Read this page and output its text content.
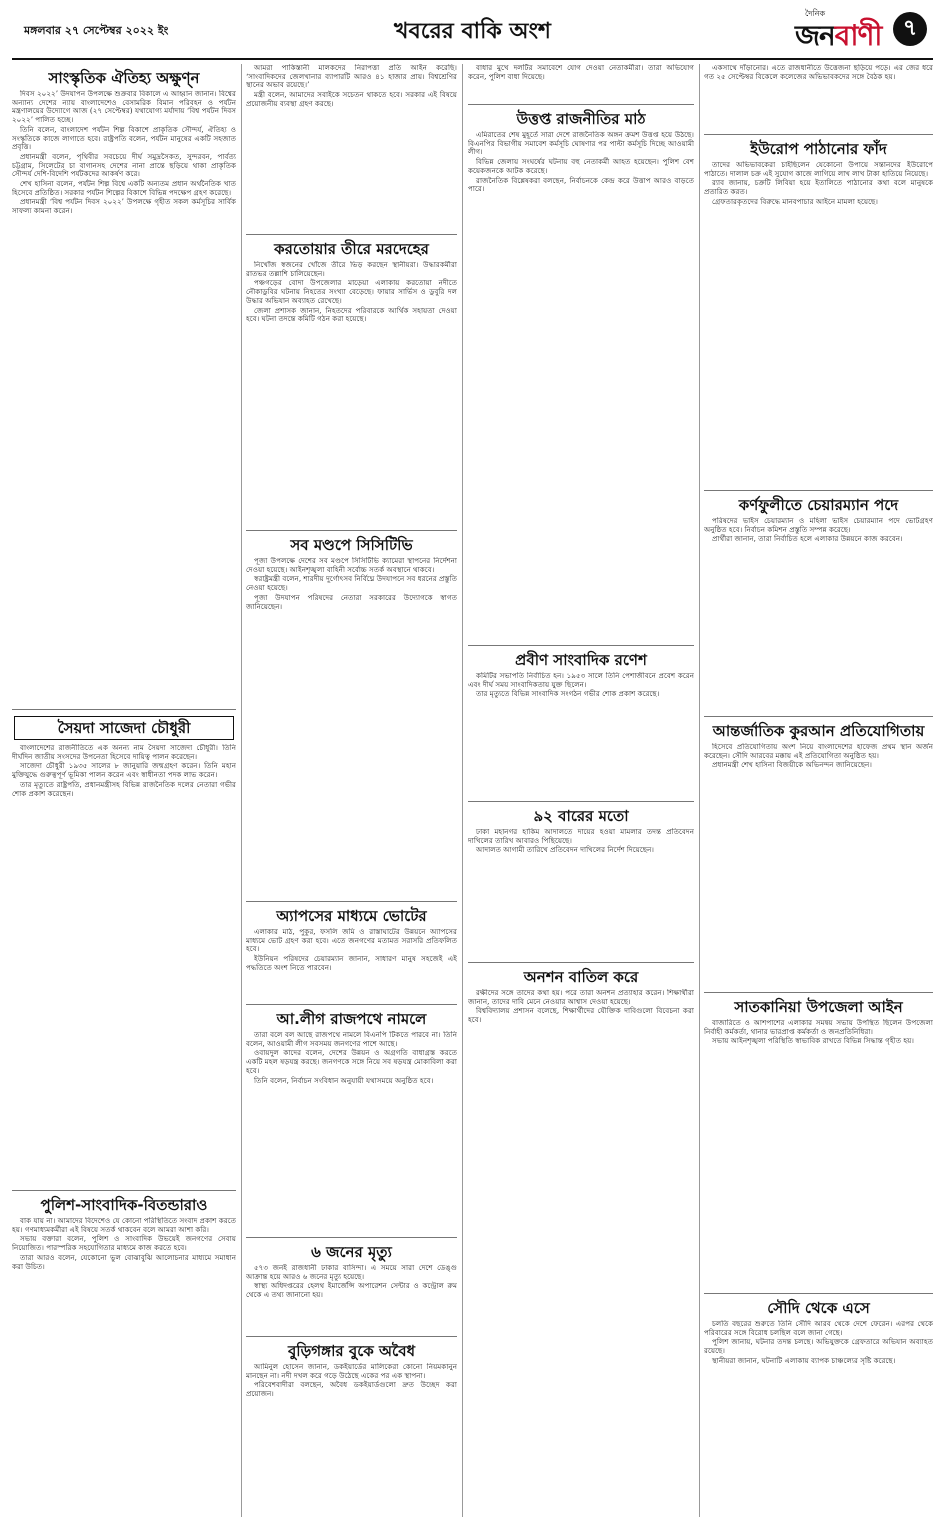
মঙ্গলবার ২৭ সেপ্টেম্বর ২০২২ ইং	খবরের বাকি অংশ
দৈনিক
জনবাণী ৭
সাংস্কৃতিক ঐতিহ্য অক্ষুণ্ন

দিবস ২০২২’ উদযাপন উপলক্ষে শুক্রবার বিকালে এ আহ্বান জানান। বিশ্বের অন্যান্য দেশের ন্যায় বাংলাদেশেও বেসামরিক বিমান পরিবহন ও পর্যটন মন্ত্রণালয়ের উদ্যোগে আজ (২৭ সেপ্টেম্বর) যথাযোগ্য মর্যাদায় ‘বিশ্ব পর্যটন দিবস ২০২২’ পালিত হচ্ছে।

তিনি বলেন, বাংলাদেশ পর্যটন শিল্প বিকাশে প্রাকৃতিক সৌন্দর্য, ঐতিহ্য ও সংস্কৃতিকে কাজে লাগাতে হবে। রাষ্ট্রপতি বলেন, পর্যটন মানুষের একটি সহজাত প্রবৃত্তি।

প্রধানমন্ত্রী বলেন, পৃথিবীর সবচেয়ে দীর্ঘ সমুদ্রসৈকত, সুন্দরবন, পার্বত্য চট্টগ্রাম, সিলেটের চা বাগানসহ দেশের নানা প্রান্তে ছড়িয়ে থাকা প্রাকৃতিক সৌন্দর্য দেশি-বিদেশি পর্যটকদের আকর্ষণ করে।

শেখ হাসিনা বলেন, পর্যটন শিল্প বিশ্বে একটি অন্যতম প্রধান অর্থনৈতিক খাত হিসেবে প্রতিষ্ঠিত। সরকার পর্যটন শিল্পের বিকাশে বিভিন্ন পদক্ষেপ গ্রহণ করেছে।

প্রধানমন্ত্রী ‘বিশ্ব পর্যটন দিবস ২০২২’ উপলক্ষে গৃহীত সকল কর্মসূচির সার্বিক সাফল্য কামনা করেন।

সৈয়দা সাজেদা চৌধুরী

বাংলাদেশের রাজনীতিতে এক অনন্য নাম সৈয়দা সাজেদা চৌধুরী। তিনি দীর্ঘদিন জাতীয় সংসদের উপনেতা হিসেবে দায়িত্ব পালন করেছেন।

সাজেদা চৌধুরী ১৯৩৫ সালের ৮ জানুয়ারি জন্মগ্রহণ করেন। তিনি মহান মুক্তিযুদ্ধে গুরুত্বপূর্ণ ভূমিকা পালন করেন এবং স্বাধীনতা পদক লাভ করেন।

তার মৃত্যুতে রাষ্ট্রপতি, প্রধানমন্ত্রীসহ বিভিন্ন রাজনৈতিক দলের নেতারা গভীর শোক প্রকাশ করেছেন।

পুলিশ-সাংবাদিক-বিতন্ডারাও

বাক যায় না। আমাদের বিদেশেও যে কোনো পরিস্থিতিতে সংবাদ প্রকাশ করতে হয়। গণমাধ্যমকর্মীরা এই বিষয়ে সতর্ক থাকবেন বলে আমরা আশা করি।

সভায় বক্তারা বলেন, পুলিশ ও সাংবাদিক উভয়েই জনগণের সেবায় নিয়োজিত। পারস্পরিক সহযোগিতার মাধ্যমে কাজ করতে হবে।

তারা আরও বলেন, যেকোনো ভুল বোঝাবুঝি আলোচনার মাধ্যমে সমাধান করা উচিত।

আমরা পাকিস্তানী মালকদের নিরাপত্তা প্রতি আইন করেছি। ‘সাংবাদিকদের জেলখানার ব্যাপারটি আরও ৪১ হাজার প্রায়। বিশ্বশ্রেণির স্থানের অভাব রয়েছে।’

মন্ত্রী বলেন, আমাদের সবাইকে সচেতন থাকতে হবে। সরকার এই বিষয়ে প্রয়োজনীয় ব্যবস্থা গ্রহণ করছে।

করতোয়ার তীরে মরদেহের

নিখোঁজ স্বজনের খোঁজে তীরে ভিড় করছেন স্থানীয়রা। উদ্ধারকর্মীরা রাতভর তল্লাশি চালিয়েছেন।

পঞ্চগড়ের বোদা উপজেলার মাড়েয়া এলাকায় করতোয়া নদীতে নৌকাডুবির ঘটনায় নিহতের সংখ্যা বেড়েছে। ফায়ার সার্ভিস ও ডুবুরি দল উদ্ধার অভিযান অব্যাহত রেখেছে।

জেলা প্রশাসক জানান, নিহতদের পরিবারকে আর্থিক সহায়তা দেওয়া হবে। ঘটনা তদন্তে কমিটি গঠন করা হয়েছে।

সব মণ্ডপে সিসিটিভি

পূজা উপলক্ষে দেশের সব মণ্ডপে সিসিটিভি ক্যামেরা স্থাপনের নির্দেশনা দেওয়া হয়েছে। আইনশৃঙ্খলা বাহিনী সর্বোচ্চ সতর্ক অবস্থানে থাকবে।

স্বরাষ্ট্রমন্ত্রী বলেন, শারদীয় দুর্গোৎসব নির্বিঘ্নে উদযাপনে সব ধরনের প্রস্তুতি নেওয়া হয়েছে।

পূজা উদযাপন পরিষদের নেতারা সরকারের উদ্যোগকে স্বাগত জানিয়েছেন।

অ্যাপসের মাধ্যমে ভোটের

এলাকার মাঠ, পুকুর, ফসলি জমি ও রাস্তাঘাটের উন্নয়নে অ্যাপসের মাধ্যমে ভোট গ্রহণ করা হবে। এতে জনগণের মতামত সরাসরি প্রতিফলিত হবে।

ইউনিয়ন পরিষদের চেয়ারম্যান জানান, সাধারণ মানুষ সহজেই এই পদ্ধতিতে অংশ নিতে পারবেন।

আ.লীগ রাজপথে নামলে

তারা বলে বল আছে রাজপথে নামলে বিএনপি টিকতে পারবে না। তিনি বলেন, আওয়ামী লীগ সবসময় জনগণের পাশে আছে।

ওবায়দুল কাদের বলেন, দেশের উন্নয়ন ও অগ্রগতি বাধাগ্রস্ত করতে একটি মহল ষড়যন্ত্র করছে। জনগণকে সঙ্গে নিয়ে সব ষড়যন্ত্র মোকাবিলা করা হবে।

তিনি বলেন, নির্বাচন সংবিধান অনুযায়ী যথাসময়ে অনুষ্ঠিত হবে।

৬ জনের মৃত্যু

৫৭৩ জনই রাজধানী ঢাকার বাসিন্দা। এ সময়ে সারা দেশে ডেঙ্গু আক্রান্ত হয়ে আরও ৬ জনের মৃত্যু হয়েছে।

স্বাস্থ্য অধিদপ্তরের হেলথ ইমার্জেন্সি অপারেশন সেন্টার ও কন্ট্রোল রুম থেকে এ তথ্য জানানো হয়।

বুড়িগঙ্গার বুকে অবৈধ

আমিনুল হোসেন জানান, ডকইয়ার্ডের মালিকেরা কোনো নিয়মকানুন মানছেন না। নদী দখল করে গড়ে উঠেছে একের পর এক স্থাপনা।

পরিবেশবাদীরা বলছেন, অবৈধ ডকইয়ার্ডগুলো দ্রুত উচ্ছেদ করা প্রয়োজন।

বাধার মুখে দলটির সমাবেশে যোগ দেওয়া নেতাকর্মীরা। তারা অভিযোগ করেন, পুলিশ বাধা দিয়েছে।

উত্তপ্ত রাজনীতির মাঠ

এমিরাতের শেষ মুহূর্তে সারা দেশে রাজনৈতিক অঙ্গন ক্রমশ উত্তপ্ত হয়ে উঠছে। বিএনপির বিভাগীয় সমাবেশ কর্মসূচি ঘোষণার পর পাল্টা কর্মসূচি দিচ্ছে আওয়ামী লীগ।

বিভিন্ন জেলায় সংঘর্ষের ঘটনায় বহু নেতাকর্মী আহত হয়েছেন। পুলিশ বেশ কয়েকজনকে আটক করেছে।

রাজনৈতিক বিশ্লেষকরা বলছেন, নির্বাচনকে কেন্দ্র করে উত্তাপ আরও বাড়তে পারে।

প্রবীণ সাংবাদিক রণেশ

কমিটির সভাপতি নির্বাচিত হন। ১৯৫৩ সালে তিনি পেশাজীবনে প্রবেশ করেন এবং দীর্ঘ সময় সাংবাদিকতায় যুক্ত ছিলেন।

তার মৃত্যুতে বিভিন্ন সাংবাদিক সংগঠন গভীর শোক প্রকাশ করেছে।

৯২ বারের মতো

ঢাকা মহানগর হাকিম আদালতে দায়ের হওয়া মামলার তদন্ত প্রতিবেদন দাখিলের তারিখ আবারও পিছিয়েছে।

আদালত আগামী তারিখে প্রতিবেদন দাখিলের নির্দেশ দিয়েছেন।

অনশন বাতিল করে

রক্ষীদের সঙ্গে তাদের কথা হয়। পরে তারা অনশন প্রত্যাহার করেন। শিক্ষার্থীরা জানান, তাদের দাবি মেনে নেওয়ার আশ্বাস দেওয়া হয়েছে।

বিশ্ববিদ্যালয় প্রশাসন বলেছে, শিক্ষার্থীদের যৌক্তিক দাবিগুলো বিবেচনা করা হবে।

একসাথে দাঁড়ানোর। এতে রাজধানীতে উত্তেজনা ছড়িয়ে পড়ে। এর জের ধরে গত ২৫ সেপ্টেম্বর বিকেলে কলেজের অভিভাবকদের সঙ্গে বৈঠক হয়।

ইউরোপ পাঠানোর ফাঁদ

তাদের অভিভাবকেরা চাইছিলেন যেকোনো উপায়ে সন্তানদের ইউরোপে পাঠাতে। দালাল চক্র এই সুযোগ কাজে লাগিয়ে লাখ লাখ টাকা হাতিয়ে নিয়েছে।

র‍্যাব জানায়, চক্রটি লিবিয়া হয়ে ইতালিতে পাঠানোর কথা বলে মানুষকে প্রতারিত করত।

গ্রেফতারকৃতদের বিরুদ্ধে মানবপাচার আইনে মামলা হয়েছে।

কর্ণফুলীতে চেয়ারম্যান পদে

পরিষদের ভাইস চেয়ারম্যান ও মহিলা ভাইস চেয়ারম্যান পদে ভোটগ্রহণ অনুষ্ঠিত হবে। নির্বাচন কমিশন প্রস্তুতি সম্পন্ন করেছে।

প্রার্থীরা জানান, তারা নির্বাচিত হলে এলাকার উন্নয়নে কাজ করবেন।

আন্তর্জাতিক কুরআন প্রতিযোগিতায়

হিসেবে প্রতিযোগিতায় অংশ নিয়ে বাংলাদেশের হাফেজ প্রথম স্থান অর্জন করেছেন। সৌদি আরবের মক্কায় এই প্রতিযোগিতা অনুষ্ঠিত হয়।

প্রধানমন্ত্রী শেখ হাসিনা বিজয়ীকে অভিনন্দন জানিয়েছেন।

সাতকানিয়া উপজেলা আইন

বাজারিতে ও আশপাশের এলাকার সমন্বয় সভায় উপস্থিত ছিলেন উপজেলা নির্বাহী কর্মকর্তা, থানার ভারপ্রাপ্ত কর্মকর্তা ও জনপ্রতিনিধিরা।

সভায় আইনশৃঙ্খলা পরিস্থিতি স্বাভাবিক রাখতে বিভিন্ন সিদ্ধান্ত গৃহীত হয়।

সৌদি থেকে এসে

চলতি বছরের শুরুতে তিনি সৌদি আরব থেকে দেশে ফেরেন। এরপর থেকে পরিবারের সঙ্গে বিরোধ চলছিল বলে জানা গেছে।

পুলিশ জানায়, ঘটনার তদন্ত চলছে। অভিযুক্তকে গ্রেফতারে অভিযান অব্যাহত রয়েছে।

স্থানীয়রা জানান, ঘটনাটি এলাকায় ব্যাপক চাঞ্চল্যের সৃষ্টি করেছে।
